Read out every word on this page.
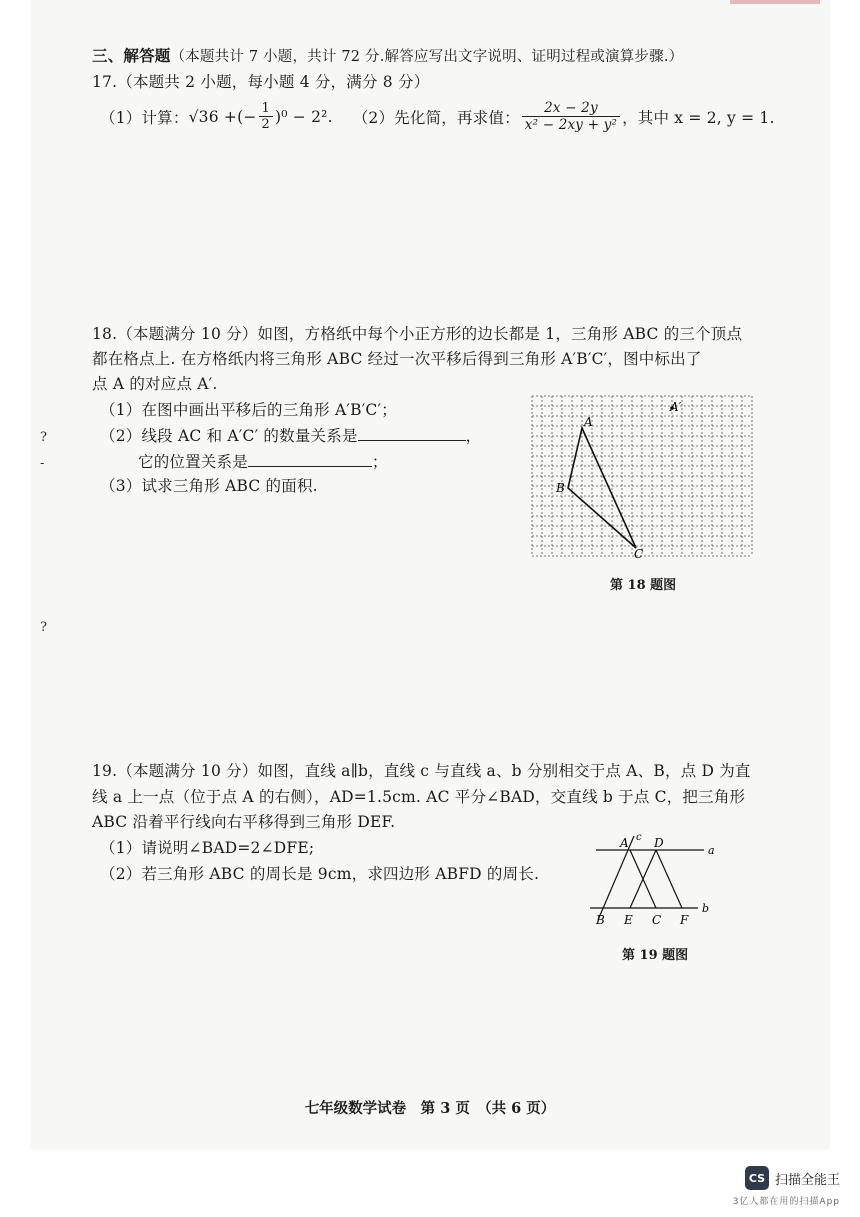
三、解答题（本题共计 7 小题，共计 72 分.解答应写出文字说明、证明过程或演算步骤.）
17.（本题共 2 小题，每小题 4 分，满分 8 分）
（1）计算： √36 +(− $\frac{1}{2} )^0 - 2^2$. （2）先化简，再求值： $\frac{2x - 2y}{\text{x² − 2xy + y²}}$ ，其中 x = 2, y = 1.
18.（本题满分 10 分）如图，方格纸中每个小正方形的边长都是 1，三角形 ABC 的三个顶点
都在格点上. 在方格纸内将三角形 ABC 经过一次平移后得到三角形 A′B′C′，图中标出了
点 A 的对应点 A′.
（1）在图中画出平移后的三角形 A′B′C′；
（2）线段 AC 和 A′C′ 的数量关系是	，
它的位置关系是	；
（3）试求三角形 ABC 的面积.
A
B
C
A′
第 18 题图
19.（本题满分 10 分）如图，直线 a∥b，直线 c 与直线 a、b 分别相交于点 A、B，点 D 为直
线 a 上一点（位于点 A 的右侧），AD=1.5cm. AC 平分∠BAD，交直线 b 于点 C，把三角形
ABC 沿着平行线向右平移得到三角形 DEF.
（1）请说明∠BAD=2∠DFE;
（2）若三角形 ABC 的周长是 9cm，求四边形 ABFD 的周长.
A c D
a
B E C F
b
第 19 题图
?
-
?
七年级数学试卷　第 3 页　（共 6 页）
CS 扫描全能王
3亿人都在用的扫描App
